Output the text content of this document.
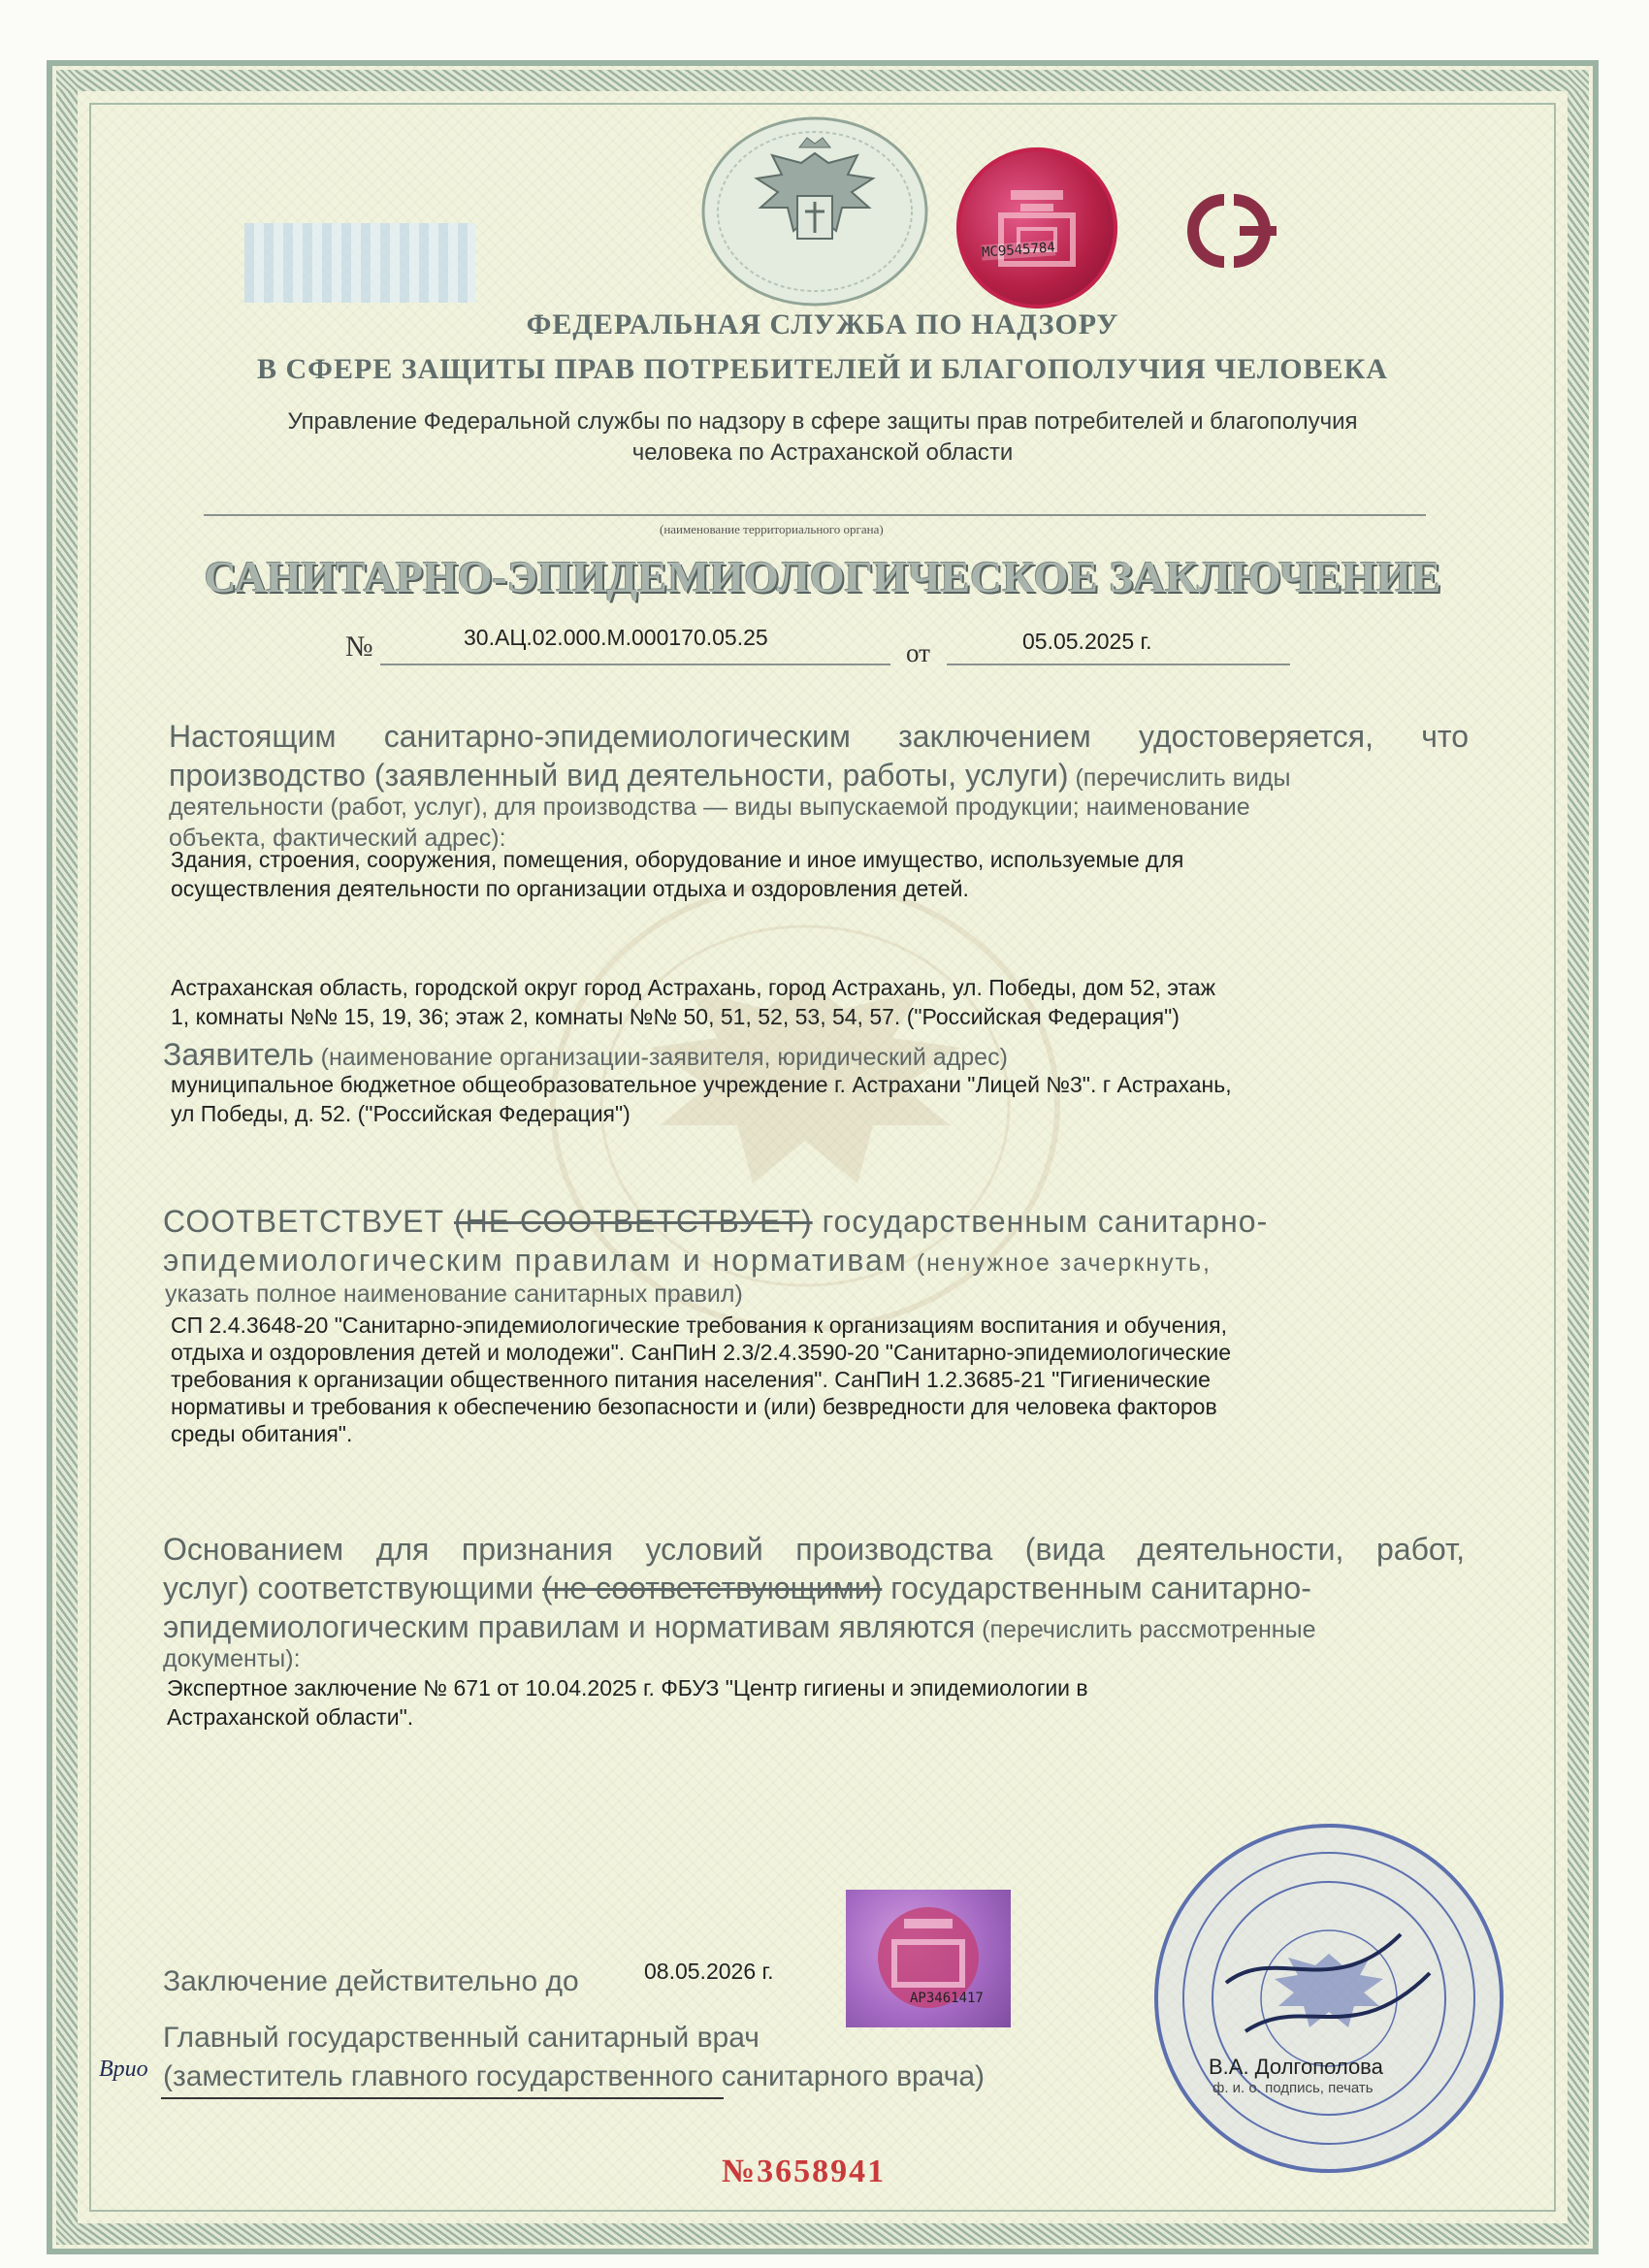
МС9545784
ФЕДЕРАЛЬНАЯ СЛУЖБА ПО НАДЗОРУ
В СФЕРЕ ЗАЩИТЫ ПРАВ ПОТРЕБИТЕЛЕЙ И БЛАГОПОЛУЧИЯ ЧЕЛОВЕКА
Управление Федеральной службы по надзору в сфере защиты прав потребителей и благополучия
человека по Астраханской области
(наименование территориального органа)
САНИТАРНО-ЭПИДЕМИОЛОГИЧЕСКОЕ ЗАКЛЮЧЕНИЕ
№	30.АЦ.02.000.М.000170.05.25
от	05.05.2025 г.
Настоящим санитарно-эпидемиологическим заключением удостоверяется, что
производство (заявленный вид деятельности, работы, услуги) (перечислить виды
деятельности (работ, услуг), для производства — виды выпускаемой продукции; наименование
объекта, фактический адрес):
Здания, строения, сооружения, помещения, оборудование и иное имущество, используемые для
осуществления деятельности по организации отдыха и оздоровления детей.
Астраханская область, городской округ город Астрахань, город Астрахань, ул. Победы, дом 52, этаж
1, комнаты №№ 15, 19, 36; этаж 2, комнаты №№ 50, 51, 52, 53, 54, 57. ("Российская Федерация")
Заявитель (наименование организации-заявителя, юридический адрес)
муниципальное бюджетное общеобразовательное учреждение г. Астрахани "Лицей №3". г Астрахань,
ул Победы, д. 52. ("Российская Федерация")
СООТВЕТСТВУЕТ (НЕ СООТВЕТСТВУЕТ) государственным санитарно-
эпидемиологическим правилам и нормативам (ненужное зачеркнуть,
указать полное наименование санитарных правил)
СП 2.4.3648-20 "Санитарно-эпидемиологические требования к организациям воспитания и обучения,
отдыха и оздоровления детей и молодежи". СанПиН 2.3/2.4.3590-20 "Санитарно-эпидемиологические
требования к организации общественного питания населения". СанПиН 1.2.3685-21 "Гигиенические
нормативы и требования к обеспечению безопасности и (или) безвредности для человека факторов
среды обитания".
Основанием для признания условий производства (вида деятельности, работ,
услуг) соответствующими (не соответствующими) государственным санитарно-
эпидемиологическим правилам и нормативам являются (перечислить рассмотренные
документы):
Экспертное заключение № 671 от 10.04.2025 г. ФБУЗ "Центр гигиены и эпидемиологии в
Астраханской области".
Заключение действительно до	08.05.2026 г.
АР3461417
Главный государственный санитарный врач
Врио (заместитель главного государственного санитарного врача)	В.А. Долгополова
ф. и. о. подпись, печать
№3658941
